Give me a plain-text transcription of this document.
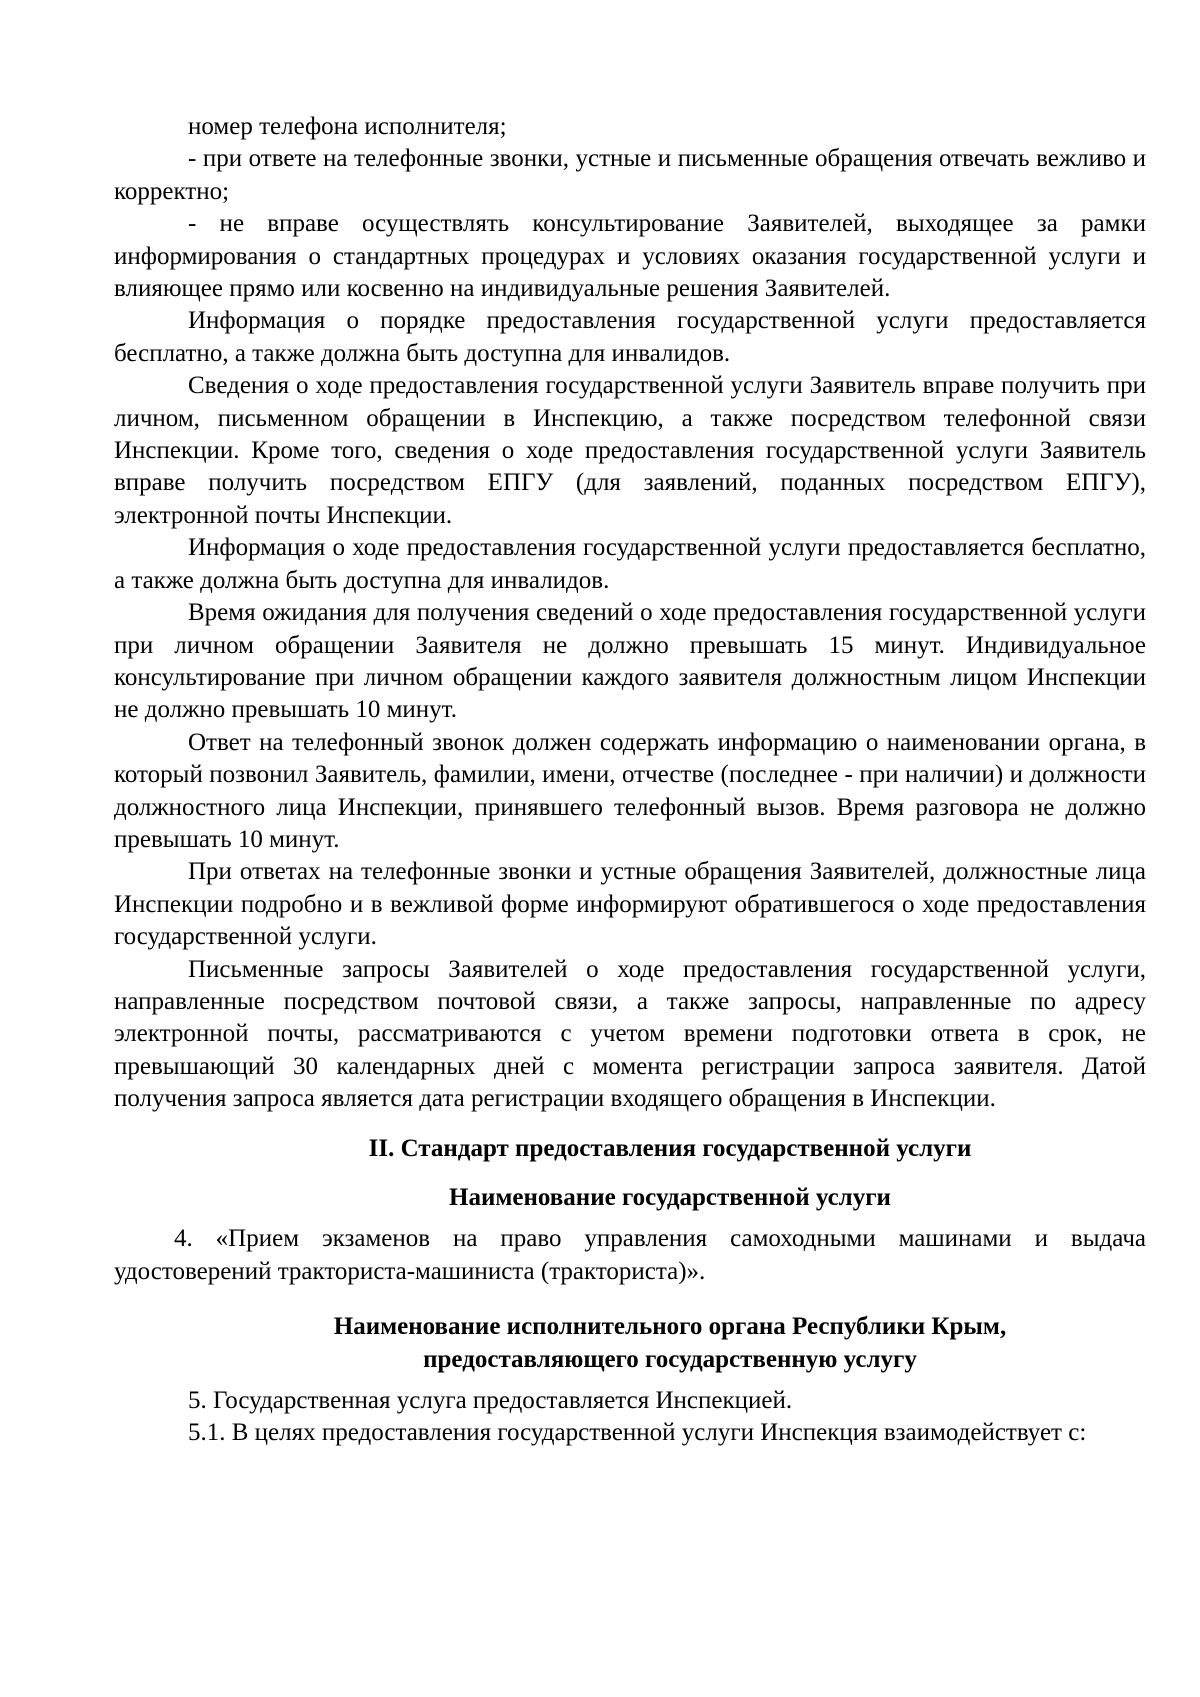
номер телефона исполнителя;

- при ответе на телефонные звонки, устные и письменные обращения отвечать вежливо и корректно;

- не вправе осуществлять консультирование Заявителей, выходящее за рамки информирования о стандартных процедурах и условиях оказания государственной услуги и влияющее прямо или косвенно на индивидуальные решения Заявителей.

Информация о порядке предоставления государственной услуги предоставляется бесплатно, а также должна быть доступна для инвалидов.

Сведения о ходе предоставления государственной услуги Заявитель вправе получить при личном, письменном обращении в Инспекцию, а также посредством телефонной связи Инспекции. Кроме того, сведения о ходе предоставления государственной услуги Заявитель вправе получить посредством ЕПГУ (для заявлений, поданных посредством ЕПГУ), электронной почты Инспекции.

Информация о ходе предоставления государственной услуги предоставляется бесплатно, а также должна быть доступна для инвалидов.

Время ожидания для получения сведений о ходе предоставления государственной услуги при личном обращении Заявителя не должно превышать 15 минут. Индивидуальное консультирование при личном обращении каждого заявителя должностным лицом Инспекции не должно превышать 10 минут.

Ответ на телефонный звонок должен содержать информацию о наименовании органа, в который позвонил Заявитель, фамилии, имени, отчестве (последнее - при наличии) и должности должностного лица Инспекции, принявшего телефонный вызов. Время разговора не должно превышать 10 минут.

При ответах на телефонные звонки и устные обращения Заявителей, должностные лица Инспекции подробно и в вежливой форме информируют обратившегося о ходе предоставления государственной услуги.

Письменные запросы Заявителей о ходе предоставления государственной услуги, направленные посредством почтовой связи, а также запросы, направленные по адресу электронной почты, рассматриваются с учетом времени подготовки ответа в срок, не превышающий 30 календарных дней с момента регистрации запроса заявителя. Датой получения запроса является дата регистрации входящего обращения в Инспекции.

II. Стандарт предоставления государственной услуги

Наименование государственной услуги

4. «Прием экзаменов на право управления самоходными машинами и выдача удостоверений тракториста-машиниста (тракториста)».

Наименование исполнительного органа Республики Крым,
предоставляющего государственную услугу

5. Государственная услуга предоставляется Инспекцией.

5.1. В целях предоставления государственной услуги Инспекция взаимодействует с:
